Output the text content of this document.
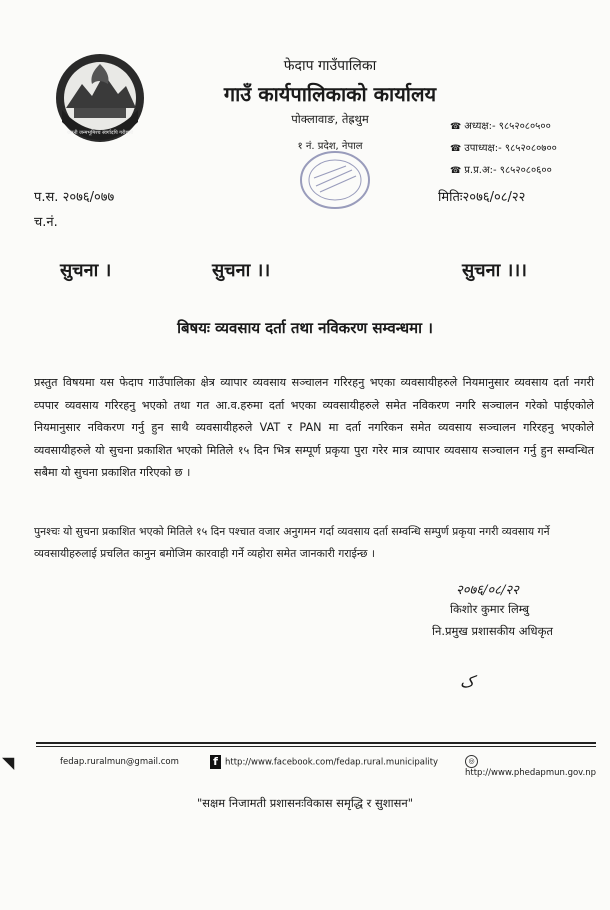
जननी जन्मभूमिश्च स्वर्गादपि गरीयसी
फेदाप गाउँपालिका
गाउँ कार्यपालिकाको कार्यालय
पोक्लावाङ, तेह्रथुम
१ नं. प्रदेश, नेपाल
☎ अध्यक्ष:- ९८५२०८०५००
☎ उपाध्यक्ष:- ९८५२०८०७००
☎ प्र.प्र.अ:- ९८५२०८०६००
प.स. २०७६/०७७
च.नं.
मितिः२०७६/०८/२२
सुचना ।	सुचना ।।	सुचना ।।।
बिषयः व्यवसाय दर्ता तथा नविकरण सम्वन्धमा ।
प्रस्तुत विषयमा यस फेदाप गाउँपालिका क्षेत्र व्यापार व्यवसाय सञ्चालन गरिरहनु भएका व्यवसायीहरुले नियमानुसार व्यवसाय दर्ता नगरी व्पपार व्यवसाय गरिरहनु भएको तथा गत आ.व.हरुमा दर्ता भएका व्यवसायीहरुले समेत नविकरण नगरि सञ्चालन गरेको पाईएकोले नियमानुसार नविकरण गर्नु हुन साथै व्यवसायीहरुले VAT र PAN मा दर्ता नगरिकन समेत व्यवसाय सञ्चालन गरिरहनु भएकोले व्यवसायीहरुले यो सुचना प्रकाशित भएको मितिले १५ दिन भित्र सम्पूर्ण प्रकृया पुरा गरेर मात्र व्यापार व्यवसाय सञ्चालन गर्नु हुन सम्वन्धित सबैमा यो सुचना प्रकाशित गरिएको छ ।
पुनश्चः यो सुचना प्रकाशित भएको मितिले १५ दिन पश्चात वजार अनुगमन गर्दा व्यवसाय दर्ता सम्वन्धि सम्पुर्ण प्रकृया नगरी व्यवसाय गर्ने व्यवसायीहरुलाई प्रचलित कानुन बमोजिम कारवाही गर्ने व्यहोरा समेत जानकारी गराईन्छ ।
२०७६/०८/२२
किशोर कुमार लिम्बु
नि.प्रमुख प्रशासकीय अधिकृत
ک
◥	fedap.ruralmun@gmail.com	f http://www.facebook.com/fedap.rural.municipality	◎http://www.phedapmun.gov.np
"सक्षम निजामती प्रशासनःविकास समृद्धि र सुशासन"
